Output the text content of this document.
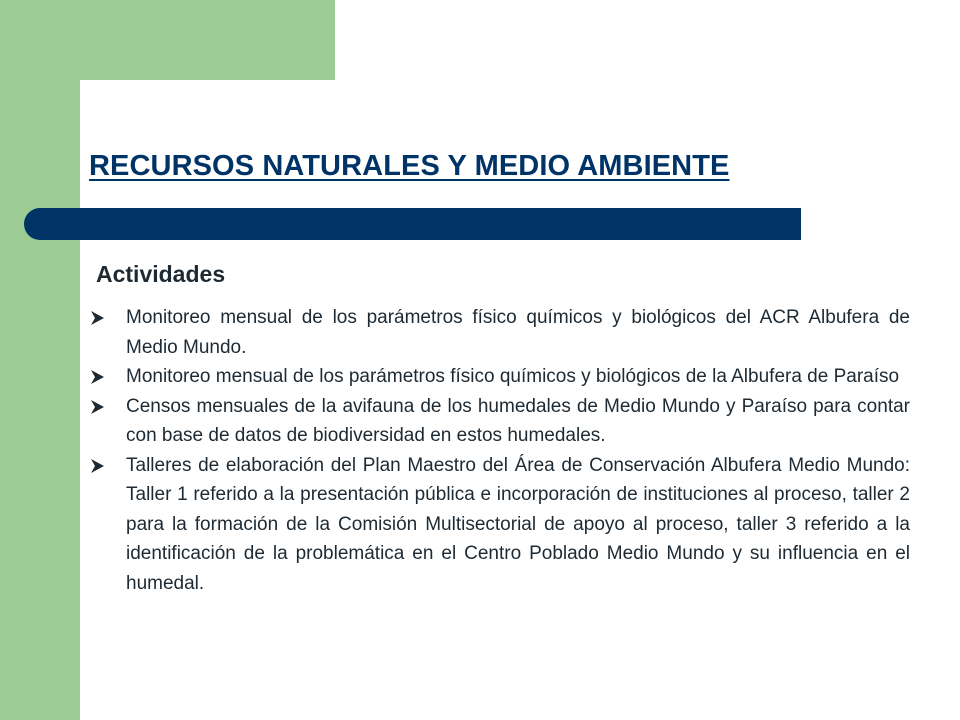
RECURSOS NATURALES Y MEDIO AMBIENTE
Actividades
Monitoreo mensual de los parámetros físico químicos y biológicos del ACR Albufera de Medio Mundo.
Monitoreo mensual de los parámetros físico químicos y biológicos de la Albufera de Paraíso
Censos mensuales de la avifauna de los humedales de Medio Mundo y Paraíso para contar con base de datos de biodiversidad en estos humedales.
Talleres de elaboración del Plan Maestro del Área de Conservación Albufera Medio Mundo: Taller 1 referido a la presentación pública e incorporación de instituciones al proceso, taller 2 para la formación de la Comisión Multisectorial de apoyo al proceso, taller 3 referido a la identificación de la problemática en el Centro Poblado Medio Mundo y su influencia en el humedal.
